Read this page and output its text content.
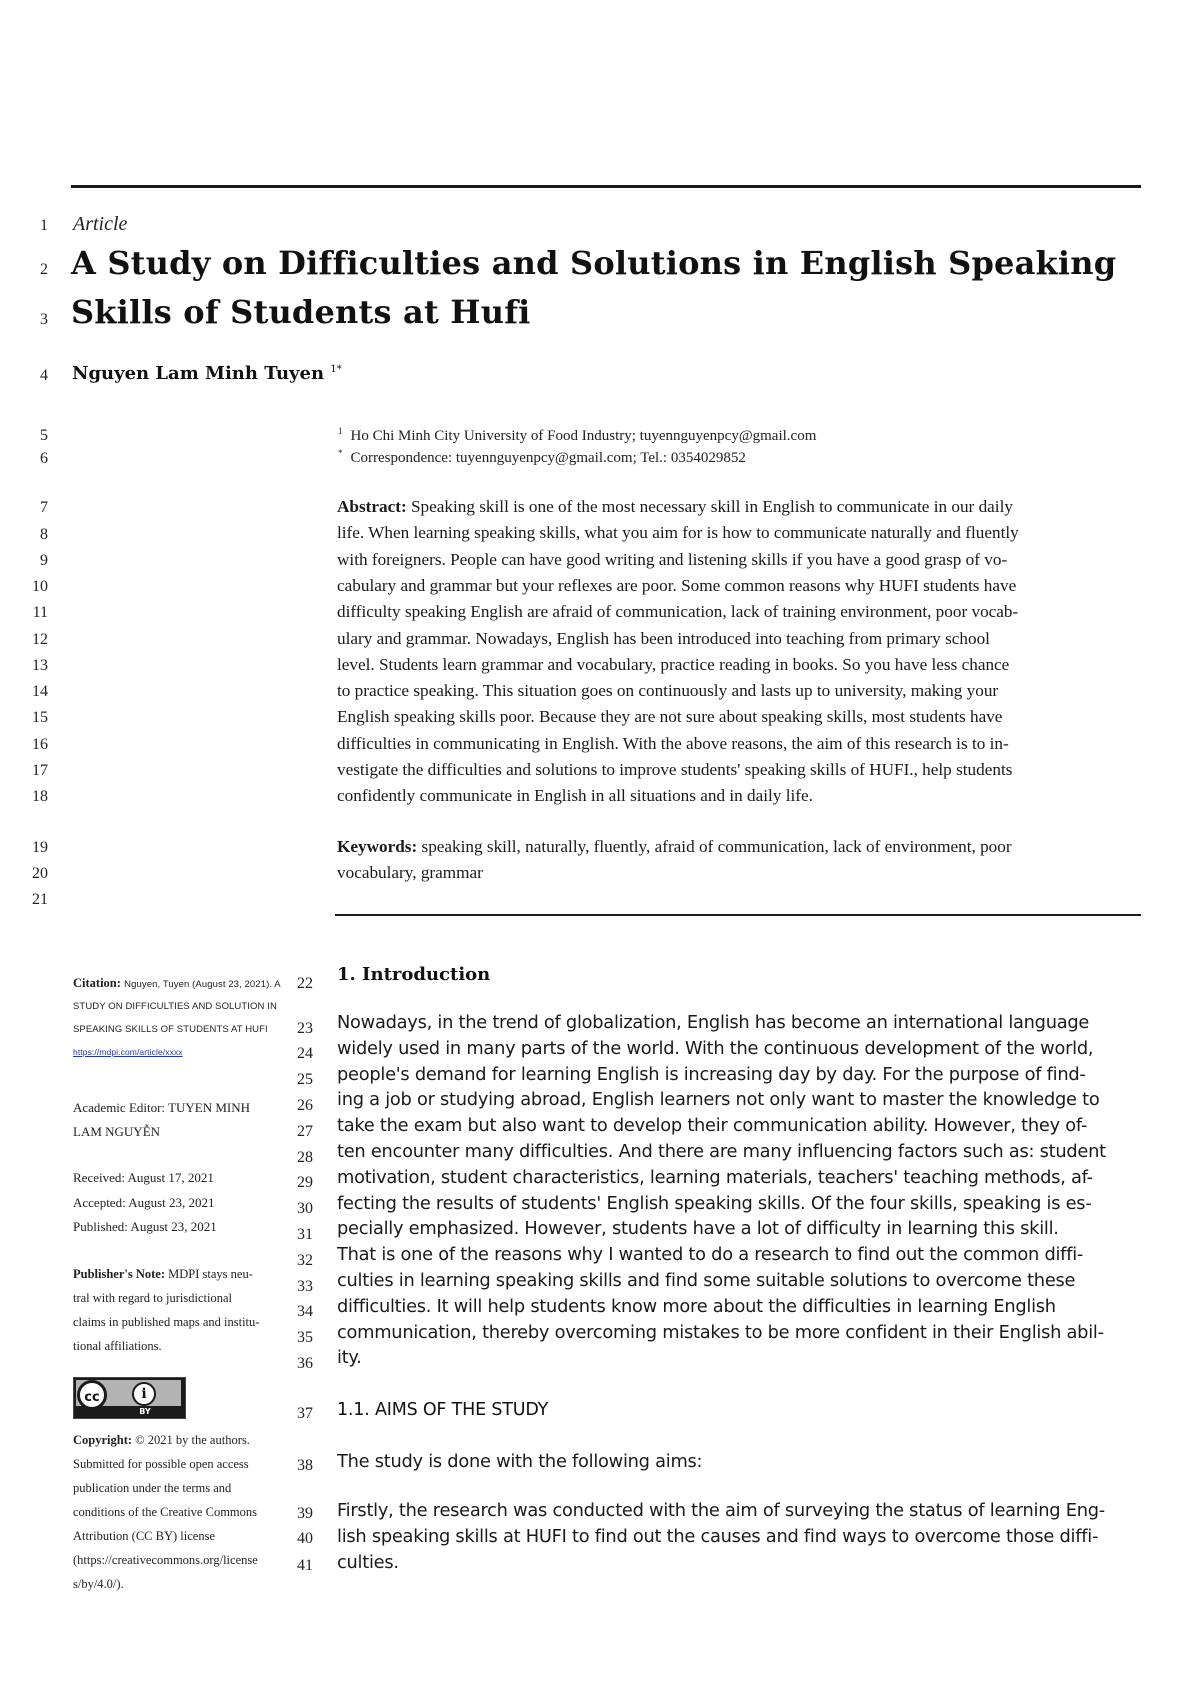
1
2
3
4
5
6
7
8
9
10
11
12
13
14
15
16
17
18
19
20
21
22
23
24
25
26
27
28
29
30
31
32
33
34
35
36
37
38
39
40
41
Article
A Study on Difficulties and Solutions in English Speaking
Skills of Students at Hufi
Nguyen Lam Minh Tuyen $^{1*}$
$^1$ Ho Chi Minh City University of Food Industry; tuyennguyenpcy@gmail.com
* Correspondence: tuyennguyenpcy@gmail.com; Tel.: 0354029852
Abstract: Speaking skill is one of the most necessary skill in English to communicate in our daily
life. When learning speaking skills, what you aim for is how to communicate naturally and fluently
with foreigners. People can have good writing and listening skills if you have a good grasp of vo-
cabulary and grammar but your reflexes are poor. Some common reasons why HUFI students have
difficulty speaking English are afraid of communication, lack of training environment, poor vocab-
ulary and grammar. Nowadays, English has been introduced into teaching from primary school
level. Students learn grammar and vocabulary, practice reading in books. So you have less chance
to practice speaking. This situation goes on continuously and lasts up to university, making your
English speaking skills poor. Because they are not sure about speaking skills, most students have
difficulties in communicating in English. With the above reasons, the aim of this research is to in-
vestigate the difficulties and solutions to improve students' speaking skills of HUFI., help students
confidently communicate in English in all situations and in daily life.
Keywords: speaking skill, naturally, fluently, afraid of communication, lack of environment, poor
vocabulary, grammar
Citation: Nguyen, Tuyen (August 23, 2021). A
STUDY ON DIFFICULTIES AND SOLUTION IN
SPEAKING SKILLS OF STUDENTS AT HUFI
https://mdpi.com/article/xxxx
Academic Editor: TUYEN MINH
LAM NGUYỄN
Received: August 17, 2021
Accepted: August 23, 2021
Published: August 23, 2021
Publisher's Note: MDPI stays neu-
tral with regard to jurisdictional
claims in published maps and institu-
tional affiliations.
cc	i
BY
Copyright: © 2021 by the authors.
Submitted for possible open access
publication under the terms and
conditions of the Creative Commons
Attribution (CC BY) license
(https://creativecommons.org/license
s/by/4.0/).
1. Introduction
Nowadays, in the trend of globalization, English has become an international language
widely used in many parts of the world. With the continuous development of the world,
people's demand for learning English is increasing day by day. For the purpose of find-
ing a job or studying abroad, English learners not only want to master the knowledge to
take the exam but also want to develop their communication ability. However, they of-
ten encounter many difficulties. And there are many influencing factors such as: student
motivation, student characteristics, learning materials, teachers' teaching methods, af-
fecting the results of students' English speaking skills. Of the four skills, speaking is es-
pecially emphasized. However, students have a lot of difficulty in learning this skill.
That is one of the reasons why I wanted to do a research to find out the common diffi-
culties in learning speaking skills and find some suitable solutions to overcome these
difficulties. It will help students know more about the difficulties in learning English
communication, thereby overcoming mistakes to be more confident in their English abil-
ity.
1.1. AIMS OF THE STUDY
The study is done with the following aims:
Firstly, the research was conducted with the aim of surveying the status of learning Eng-
lish speaking skills at HUFI to find out the causes and find ways to overcome those diffi-
culties.
